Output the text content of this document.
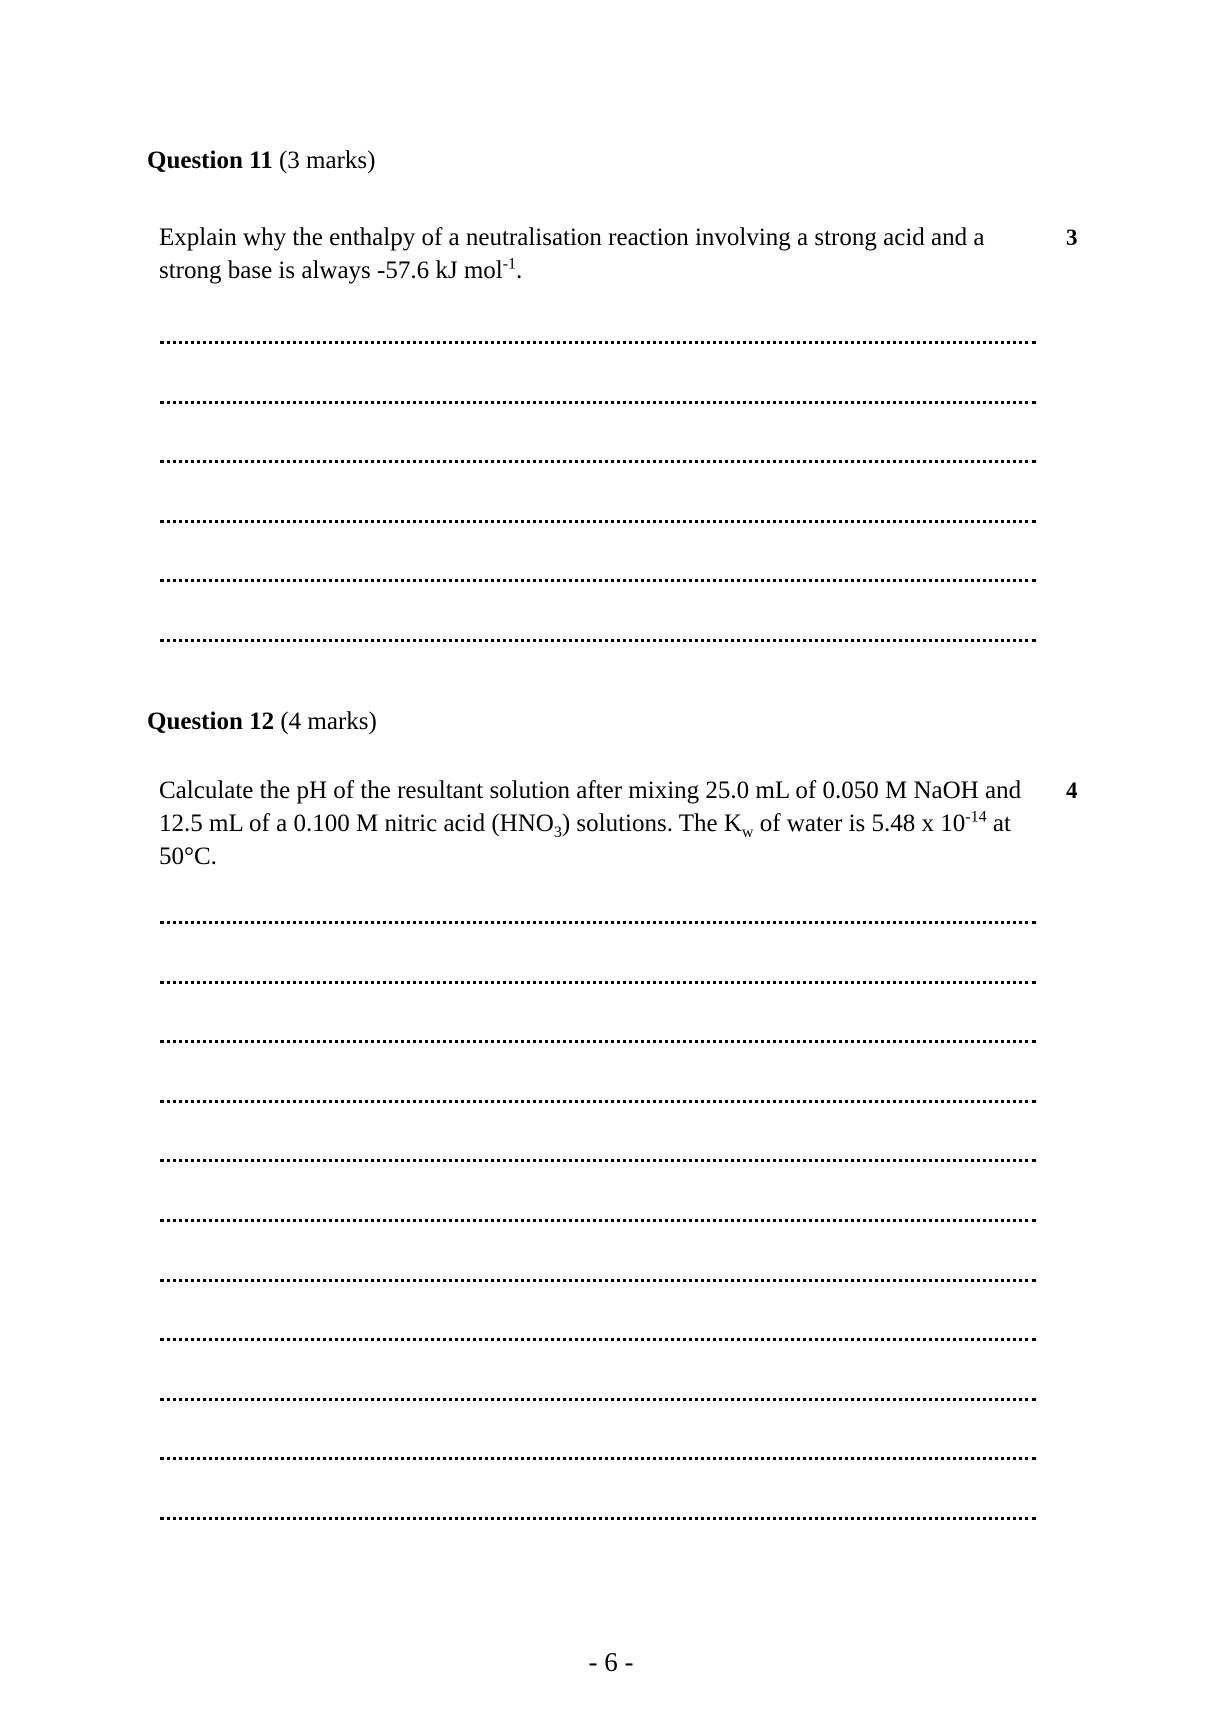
Question 11 (3 marks)
Explain why the enthalpy of a neutralisation reaction involving a strong acid and a strong base is always -57.6 kJ mol$^{-1}$.
3
Question 12 (4 marks)
Calculate the pH of the resultant solution after mixing 25.0 mL of 0.050 M NaOH and 12.5 mL of a 0.100 M nitric acid $(HNO_3)$ solutions. The $K_w$ of water is 5.48 x $10^{-14}$ at 50°C.
4
- 6 -
